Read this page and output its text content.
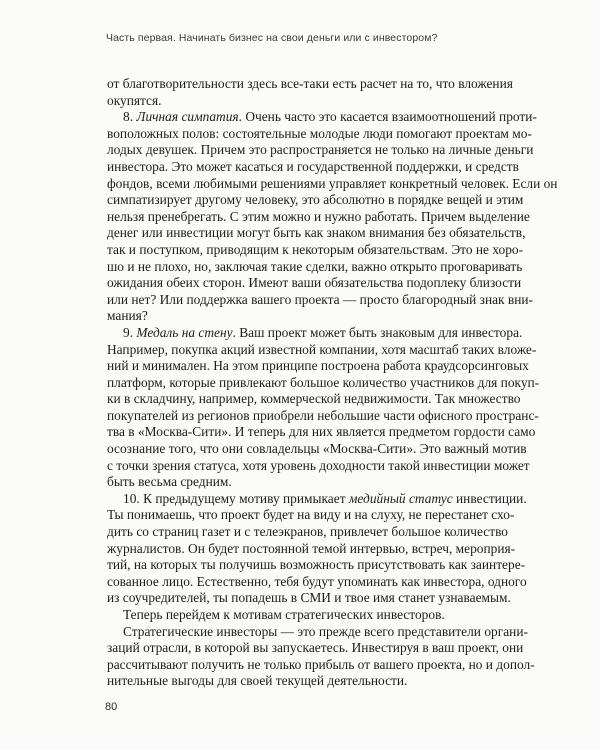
Часть первая. Начинать бизнес на свои деньги или с инвестором?
от благотворительности здесь все-таки есть расчет на то, что вложения
окупятся.
8. Личная симпатия. Очень часто это касается взаимоотношений проти-
воположных полов: состоятельные молодые люди помогают проектам мо-
лодых девушек. Причем это распространяется не только на личные деньги
инвестора. Это может касаться и государственной поддержки, и средств
фондов, всеми любимыми решениями управляет конкретный человек. Если он
симпатизирует другому человеку, это абсолютно в порядке вещей и этим
нельзя пренебрегать. С этим можно и нужно работать. Причем выделение
денег или инвестиции могут быть как знаком внимания без обязательств,
так и поступком, приводящим к некоторым обязательствам. Это не хоро-
шо и не плохо, но, заключая такие сделки, важно открыто проговаривать
ожидания обеих сторон. Имеют ваши обязательства подоплеку близости
или нет? Или поддержка вашего проекта — просто благородный знак вни-
мания?
9. Медаль на стену. Ваш проект может быть знаковым для инвестора.
Например, покупка акций известной компании, хотя масштаб таких вложе-
ний и минимален. На этом принципе построена работа краудсорсинговых
платформ, которые привлекают большое количество участников для покуп-
ки в складчину, например, коммерческой недвижимости. Так множество
покупателей из регионов приобрели небольшие части офисного пространс-
тва в «Москва-Сити». И теперь для них является предметом гордости само
осознание того, что они совладельцы «Москва-Сити». Это важный мотив
с точки зрения статуса, хотя уровень доходности такой инвестиции может
быть весьма средним.
10. К предыдущему мотиву примыкает медийный статус инвестиции.
Ты понимаешь, что проект будет на виду и на слуху, не перестанет схо-
дить со страниц газет и с телеэкранов, привлечет большое количество
журналистов. Он будет постоянной темой интервью, встреч, мероприя-
тий, на которых ты получишь возможность присутствовать как заинтере-
сованное лицо. Естественно, тебя будут упоминать как инвестора, одного
из соучредителей, ты попадешь в СМИ и твое имя станет узнаваемым.
Теперь перейдем к мотивам стратегических инвесторов.
Стратегические инвесторы — это прежде всего представители органи-
заций отрасли, в которой вы запускаетесь. Инвестируя в ваш проект, они
рассчитывают получить не только прибыль от вашего проекта, но и допол-
нительные выгоды для своей текущей деятельности.
80
